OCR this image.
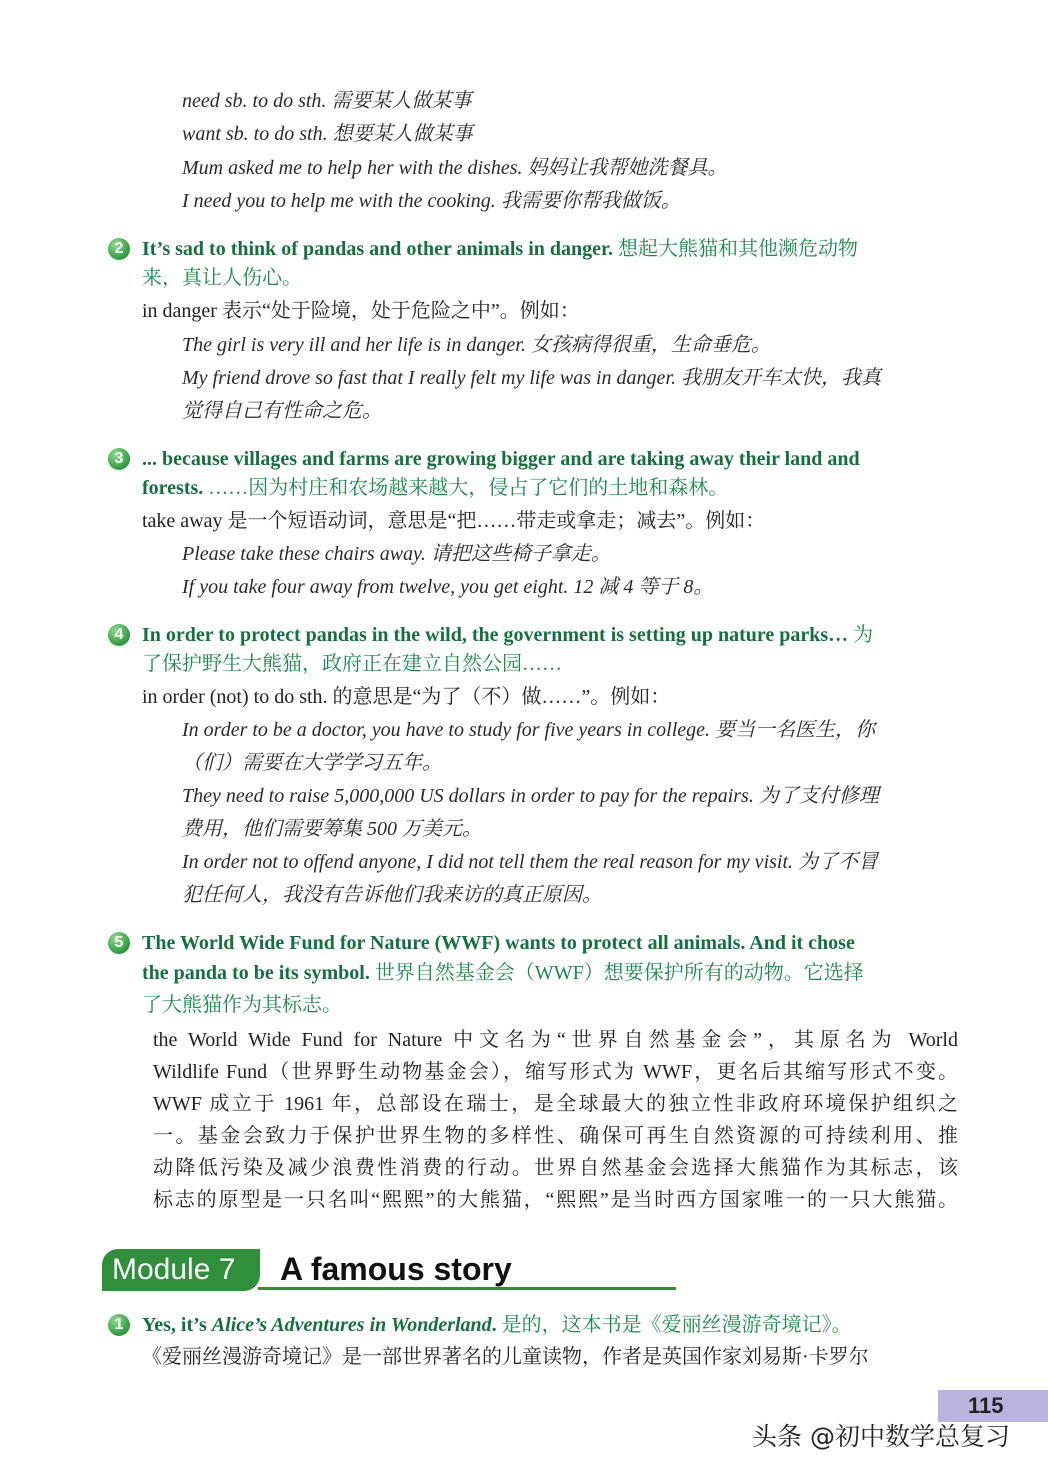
need sb. to do sth. 需要某人做某事
want sb. to do sth. 想要某人做某事
Mum asked me to help her with the dishes. 妈妈让我帮她洗餐具。
I need you to help me with the cooking. 我需要你帮我做饭。
2 It’s sad to think of pandas and other animals in danger. 想起大熊猫和其他濒危动物
来，真让人伤心。
in danger 表示“处于险境，处于危险之中”。例如：
The girl is very ill and her life is in danger. 女孩病得很重，生命垂危。
My friend drove so fast that I really felt my life was in danger. 我朋友开车太快，我真
觉得自己有性命之危。
3 ... because villages and farms are growing bigger and are taking away their land and
forests. ……因为村庄和农场越来越大，侵占了它们的土地和森林。
take away 是一个短语动词，意思是“把……带走或拿走；减去”。例如：
Please take these chairs away. 请把这些椅子拿走。
If you take four away from twelve, you get eight. 12 减 4 等于 8。
4 In order to protect pandas in the wild, the government is setting up nature parks… 为
了保护野生大熊猫，政府正在建立自然公园……
in order (not) to do sth. 的意思是“为了（不）做……”。例如：
In order to be a doctor, you have to study for five years in college. 要当一名医生，你
（们）需要在大学学习五年。
They need to raise 5,000,000 US dollars in order to pay for the repairs. 为了支付修理
费用，他们需要筹集 500 万美元。
In order not to offend anyone, I did not tell them the real reason for my visit. 为了不冒
犯任何人，我没有告诉他们我来访的真正原因。
5 The World Wide Fund for Nature (WWF) wants to protect all animals. And it chose
the panda to be its symbol. 世界自然基金会（WWF）想要保护所有的动物。它选择
了大熊猫作为其标志。
the World Wide Fund for Nature 中文名为“世界自然基金会”，其原名为 World
Wildlife Fund（世界野生动物基金会），缩写形式为 WWF，更名后其缩写形式不变。
WWF 成立于 1961 年，总部设在瑞士，是全球最大的独立性非政府环境保护组织之
一。基金会致力于保护世界生物的多样性、确保可再生自然资源的可持续利用、推
动降低污染及减少浪费性消费的行动。世界自然基金会选择大熊猫作为其标志，该
标志的原型是一只名叫“熙熙”的大熊猫，“熙熙”是当时西方国家唯一的一只大熊猫。
Module 7 A famous story
1 Yes, it’s Alice’s Adventures in Wonderland. 是的，这本书是《爱丽丝漫游奇境记》。
《爱丽丝漫游奇境记》是一部世界著名的儿童读物，作者是英国作家刘易斯·卡罗尔
115
头条 @初中数学总复习
